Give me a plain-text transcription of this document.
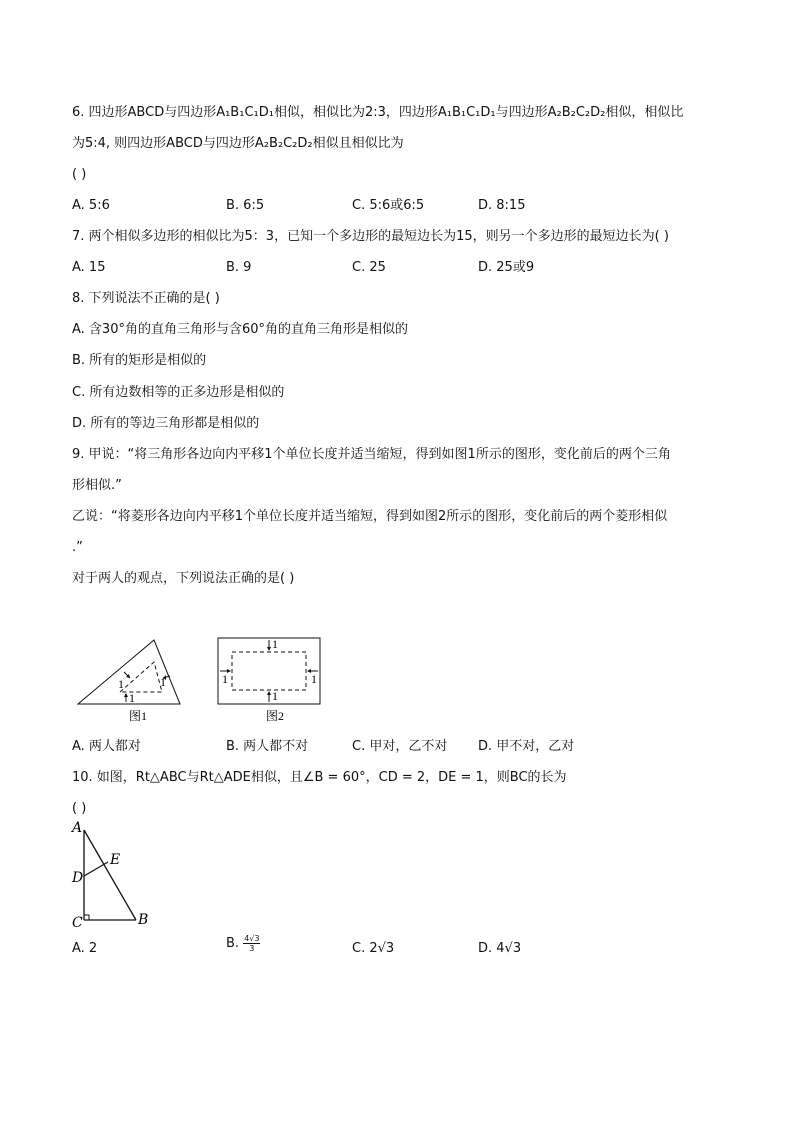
6. 四边形ABCD与四边形A₁B₁C₁D₁相似，相似比为2:3，四边形A₁B₁C₁D₁与四边形A₂B₂C₂D₂相似，相似比
为5:4, 则四边形ABCD与四边形A₂B₂C₂D₂相似且相似比为
( )
A. 5:6	B. 6:5	C. 5:6或6:5	D. 8:15
7. 两个相似多边形的相似比为5：3，已知一个多边形的最短边长为15，则另一个多边形的最短边长为( )
A. 15	B. 9	C. 25	D. 25或9
8. 下列说法不正确的是( )
A. 含30°角的直角三角形与含60°角的直角三角形是相似的
B. 所有的矩形是相似的
C. 所有边数相等的正多边形是相似的
D. 所有的等边三角形都是相似的
9. 甲说：“将三角形各边向内平移1个单位长度并适当缩短，得到如图1所示的图形，变化前后的两个三角
形相似.”
乙说：“将菱形各边向内平移1个单位长度并适当缩短，得到如图2所示的图形，变化前后的两个菱形相似
.”
对于两人的观点，下列说法正确的是( )
1	1
1
图1
1
1
1	1
图2
A. 两人都对	B. 两人都不对	C. 甲对，乙不对 D. 甲不对，乙对
10. 如图，Rt△ABC与Rt△ADE相似，且∠B = 60°，CD = 2，DE = 1，则BC的长为
( )
A
E
D
C	B
A. 2	B. $\frac{4√3}{3}$	C. 2√3	D. 4√3
